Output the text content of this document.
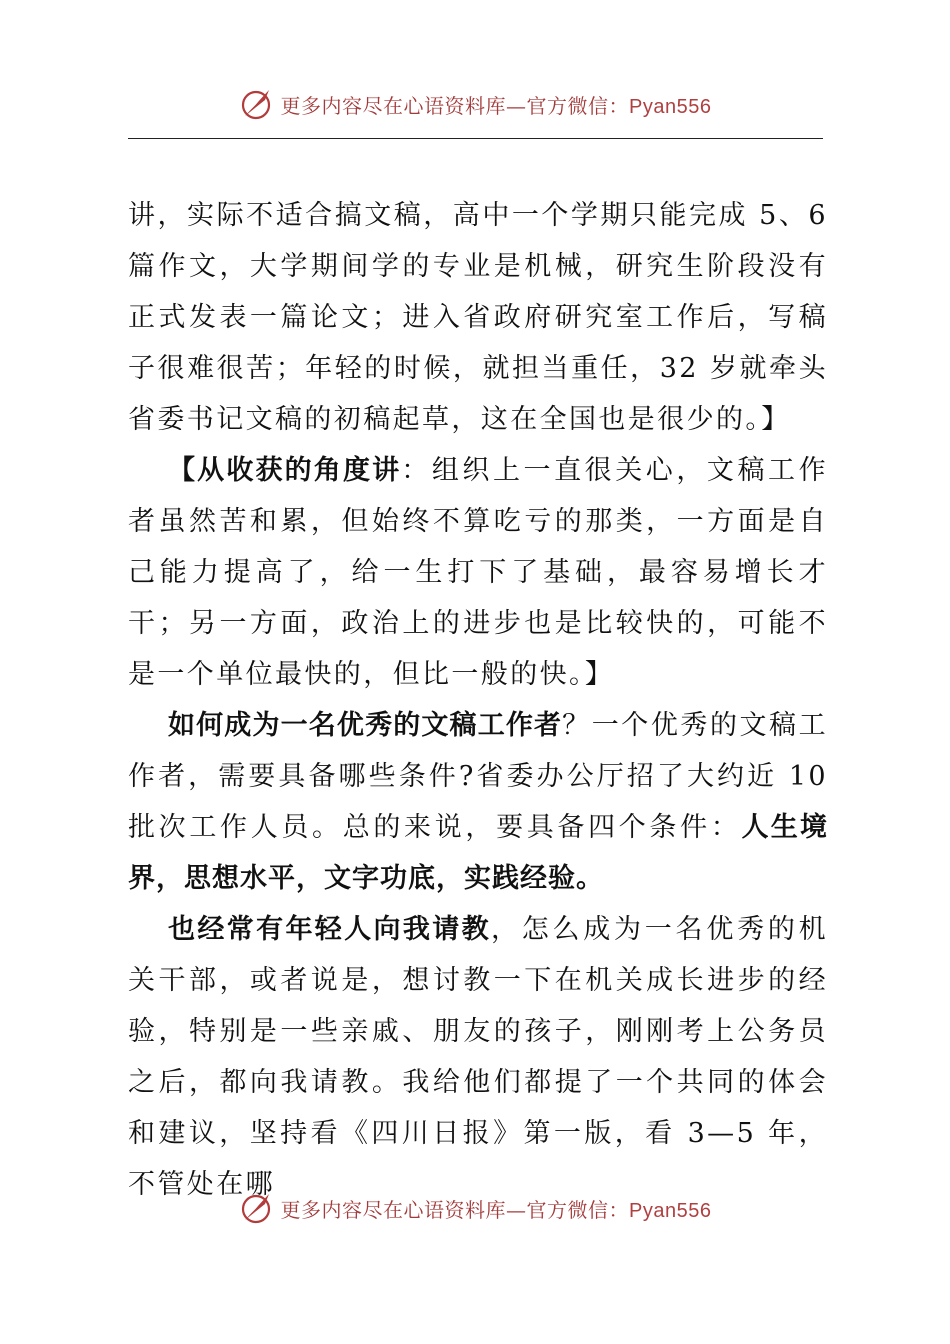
更多内容尽在心语资料库—官方微信：Pyan556

讲，实际不适合搞文稿，高中一个学期只能完成 5、6篇作文，大学期间学的专业是机械，研究生阶段没有正式发表一篇论文；进入省政府研究室工作后，写稿子很难很苦；年轻的时候，就担当重任，32 岁就牵头省委书记文稿的初稿起草，这在全国也是很少的。】

【从收获的角度讲：组织上一直很关心，文稿工作者虽然苦和累，但始终不算吃亏的那类，一方面是自己能力提高了，给一生打下了基础，最容易增长才干；另一方面，政治上的进步也是比较快的，可能不是一个单位最快的，但比一般的快。】

如何成为一名优秀的文稿工作者？一个优秀的文稿工作者，需要具备哪些条件?省委办公厅招了大约近 10 批次工作人员。总的来说，要具备四个条件：人生境界，思想水平，文字功底，实践经验。

也经常有年轻人向我请教，怎么成为一名优秀的机关干部，或者说是，想讨教一下在机关成长进步的经验，特别是一些亲戚、朋友的孩子，刚刚考上公务员之后，都向我请教。我给他们都提了一个共同的体会和建议，坚持看《四川日报》第一版，看 3—5 年，不管处在哪

更多内容尽在心语资料库—官方微信：Pyan556
